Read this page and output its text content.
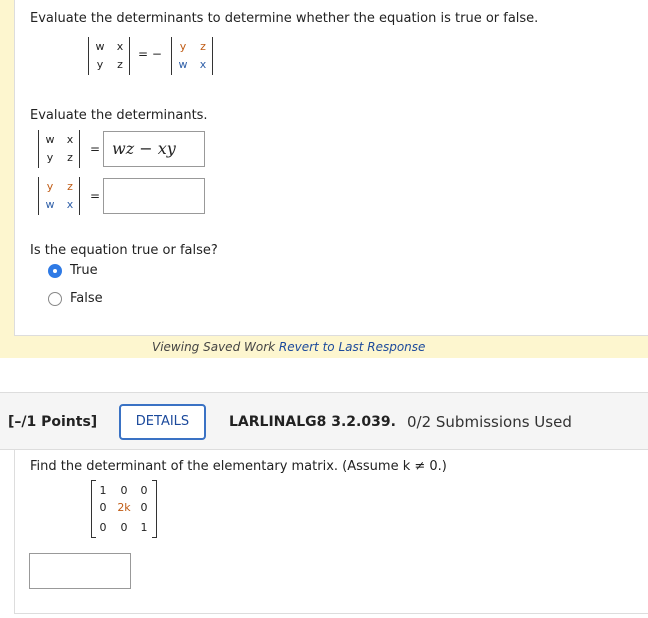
Evaluate the determinants to determine whether the equation is true or false.
w	x
y	z
= −
y	z
w	x
Evaluate the determinants.
w	x
y	z
= wz − xy
y	z
w	x
=
Is the equation true or false?
True
False
Viewing Saved Work Revert to Last Response
[–/1 Points]	DETAILS	LARLINALG8 3.2.039. 0/2 Submissions Used
Find the determinant of the elementary matrix. (Assume k ≠ 0.)
1	0	0
0 2k 0
0	0	1
